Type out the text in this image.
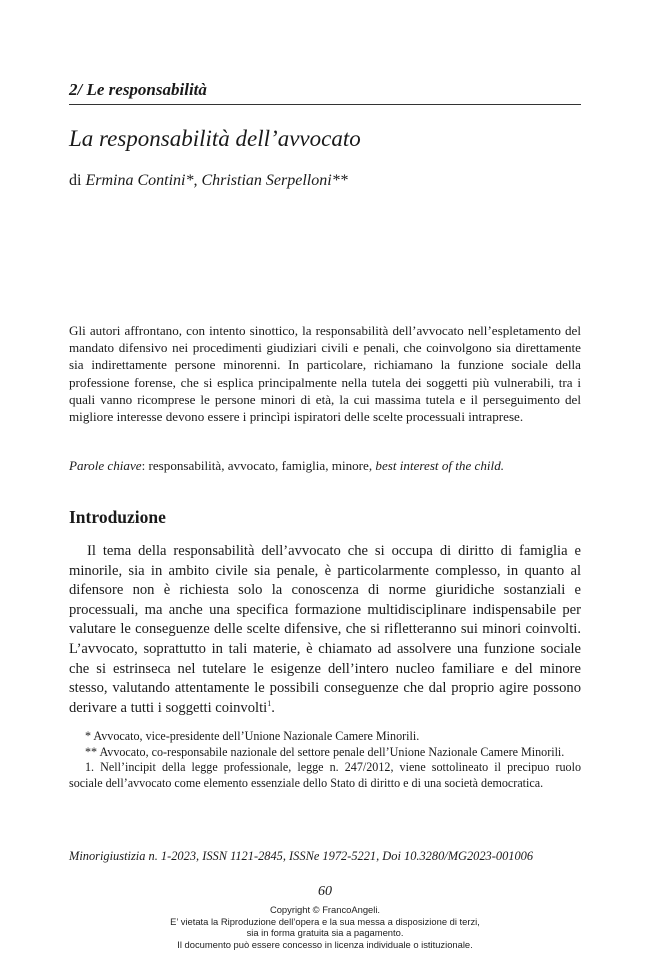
2/ Le responsabilità
La responsabilità dell’avvocato
di Ermina Contini*, Christian Serpelloni**

Gli autori affrontano, con intento sinottico, la responsabilità dell’avvocato nell’espletamento del mandato difensivo nei procedimenti giudiziari civili e penali, che coinvolgono sia direttamente sia indirettamente persone minorenni. In particolare, richiamano la funzione sociale della professione forense, che si esplica principalmente nella tutela dei soggetti più vulnerabili, tra i quali vanno ricomprese le persone minori di età, la cui massima tutela e il perseguimento del migliore interesse devono essere i princìpi ispiratori delle scelte processuali intraprese.

Parole chiave: responsabilità, avvocato, famiglia, minore, best interest of the child.

Introduzione

Il tema della responsabilità dell’avvocato che si occupa di diritto di famiglia e minorile, sia in ambito civile sia penale, è particolarmente complesso, in quanto al difensore non è richiesta solo la conoscenza di norme giuridiche sostanziali e processuali, ma anche una specifica formazione multidisciplinare indispensabile per valutare le conseguenze delle scelte difensive, che si rifletteranno sui minori coinvolti. L’avvocato, soprattutto in tali materie, è chiamato ad assolvere una funzione sociale che si estrinseca nel tutelare le esigenze dell’intero nucleo familiare e del minore stesso, valutando attentamente le possibili conseguenze che dal proprio agire possono derivare a tutti i soggetti coinvolti$^1$.

* Avvocato, vice-presidente dell’Unione Nazionale Camere Minorili.

** Avvocato, co-responsabile nazionale del settore penale dell’Unione Nazionale Camere Minorili.

1. Nell’incipit della legge professionale, legge n. 247/2012, viene sottolineato il precipuo ruolo sociale dell’avvocato come elemento essenziale dello Stato di diritto e di una società democratica.

Minorigiustizia n. 1-2023, ISSN 1121-2845, ISSNe 1972-5221, Doi 10.3280/MG2023-001006
60
Copyright © FrancoAngeli.
E’ vietata la Riproduzione dell’opera e la sua messa a disposizione di terzi,
sia in forma gratuita sia a pagamento.
Il documento può essere concesso in licenza individuale o istituzionale.
